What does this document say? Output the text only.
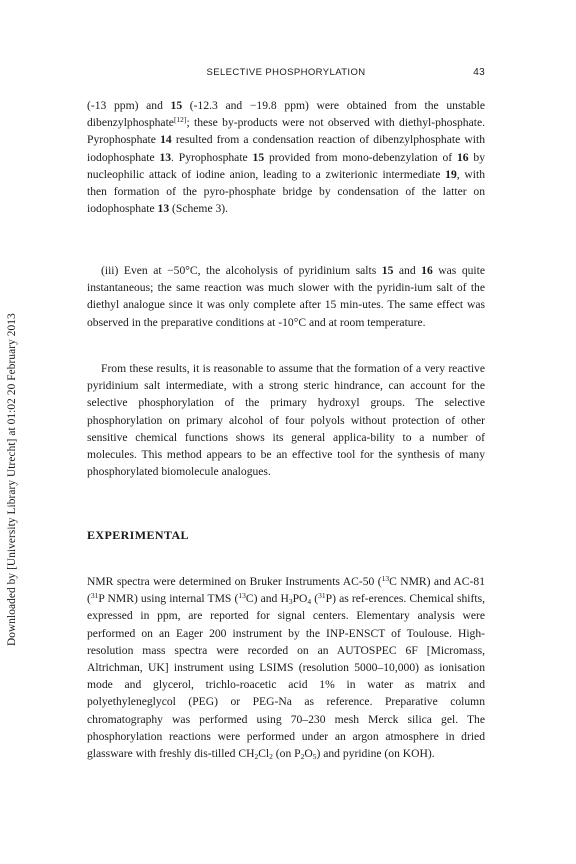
Downloaded by [University Library Utrecht] at 01:02 20 February 2013
SELECTIVE PHOSPHORYLATION	43

(-13 ppm) and 15 (-12.3 and −19.8 ppm) were obtained from the unstable dibenzylphosphate[12]; these by-products were not observed with diethyl-phosphate. Pyrophosphate 14 resulted from a condensation reaction of dibenzylphosphate with iodophosphate 13. Pyrophosphate 15 provided from mono-debenzylation of 16 by nucleophilic attack of iodine anion, leading to a zwiterionic intermediate 19, with then formation of the pyro-phosphate bridge by condensation of the latter on iodophosphate 13 (Scheme 3).

(iii) Even at −50°C, the alcoholysis of pyridinium salts 15 and 16 was quite instantaneous; the same reaction was much slower with the pyridin-ium salt of the diethyl analogue since it was only complete after 15 min-utes. The same effect was observed in the preparative conditions at -10°C and at room temperature.

From these results, it is reasonable to assume that the formation of a very reactive pyridinium salt intermediate, with a strong steric hindrance, can account for the selective phosphorylation of the primary hydroxyl groups. The selective phosphorylation on primary alcohol of four polyols without protection of other sensitive chemical functions shows its general applica-bility to a number of molecules. This method appears to be an effective tool for the synthesis of many phosphorylated biomolecule analogues.

EXPERIMENTAL

NMR spectra were determined on Bruker Instruments AC-50 ($^{13}$C NMR) and AC-81 ($^{31}$P NMR) using internal TMS ($^{13}$C) and $H_3PO_4$ ($^{31}$P) as ref-erences. Chemical shifts, expressed in ppm, are reported for signal centers. Elementary analysis were performed on an Eager 200 instrument by the INP-ENSCT of Toulouse. High-resolution mass spectra were recorded on an AUTOSPEC 6F [Micromass, Altrichman, UK] instrument using LSIMS (resolution 5000–10,000) as ionisation mode and glycerol, trichlo-roacetic acid 1% in water as matrix and polyethyleneglycol (PEG) or PEG-Na as reference. Preparative column chromatography was performed using 70–230 mesh Merck silica gel. The phosphorylation reactions were performed under an argon atmosphere in dried glassware with freshly dis-tilled $CH_2Cl_2$ (on $P_2O_5$) and pyridine (on KOH).
